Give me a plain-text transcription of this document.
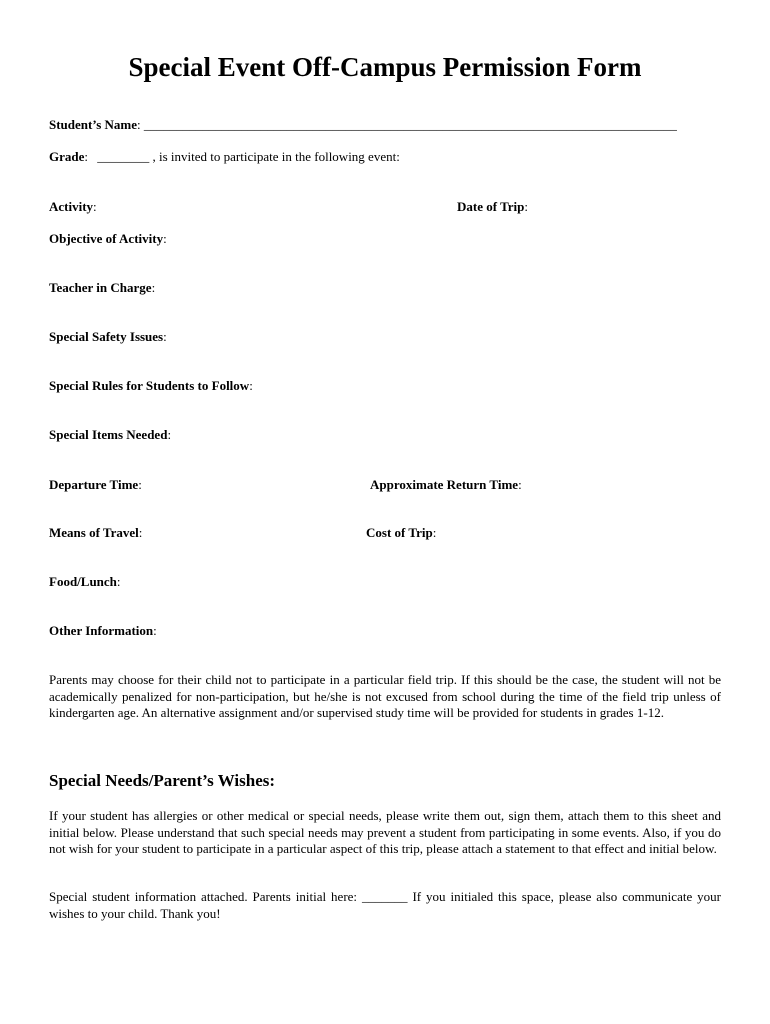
Special Event Off-Campus Permission Form
Student’s Name: __________________________________________________________________________________
Grade: ________ , is invited to participate in the following event:
Activity:	Date of Trip:
Objective of Activity:
Teacher in Charge:
Special Safety Issues:
Special Rules for Students to Follow:
Special Items Needed:
Departure Time:	Approximate Return Time:
Means of Travel:	Cost of Trip:
Food/Lunch:
Other Information:
Parents may choose for their child not to participate in a particular field trip. If this should be the case, the student will not be academically penalized for non-participation, but he/she is not excused from school during the time of the field trip unless of kindergarten age. An alternative assignment and/or supervised study time will be provided for students in grades 1-12.
Special Needs/Parent’s Wishes:
If your student has allergies or other medical or special needs, please write them out, sign them, attach them to this sheet and initial below. Please understand that such special needs may prevent a student from participating in some events. Also, if you do not wish for your student to participate in a particular aspect of this trip, please attach a statement to that effect and initial below.
Special student information attached. Parents initial here: _______ If you initialed this space, please also communicate your wishes to your child. Thank you!
